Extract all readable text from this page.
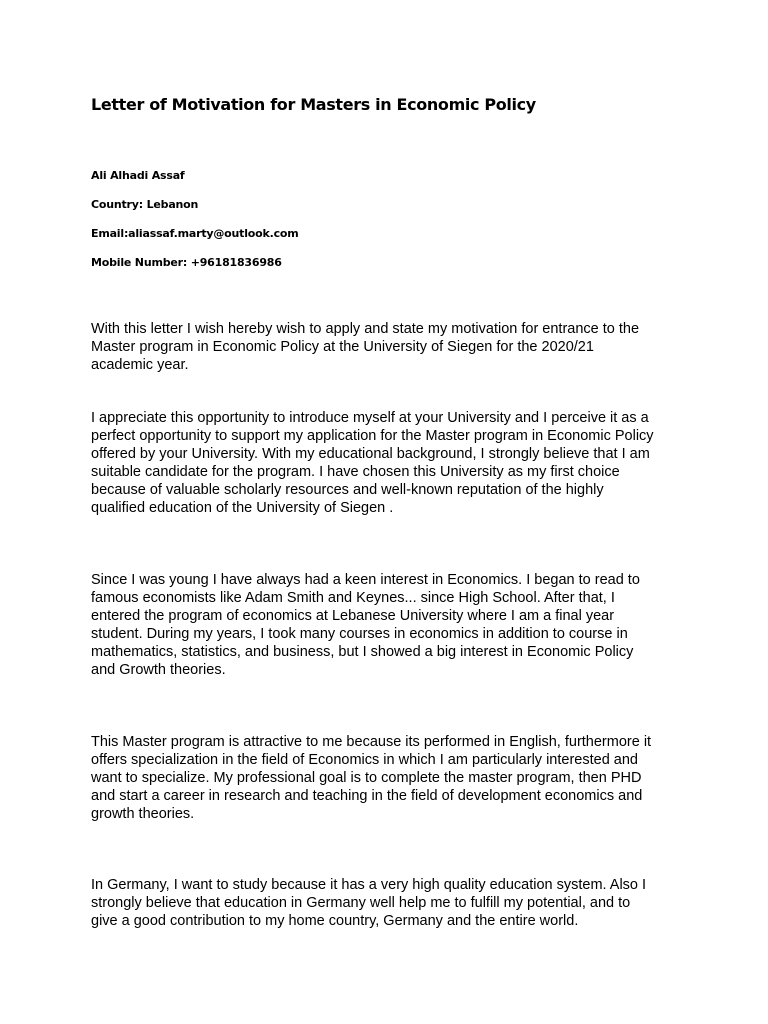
Letter of Motivation for Masters in Economic Policy

Ali Alhadi Assaf

Country: Lebanon

Email:aliassaf.marty@outlook.com

Mobile Number: +96181836986

With this letter I wish hereby wish to apply and state my motivation for entrance to the
Master program in Economic Policy at the University of Siegen for the 2020/21
academic year.
I appreciate this opportunity to introduce myself at your University and I perceive it as a
perfect opportunity to support my application for the Master program in Economic Policy
offered by your University. With my educational background, I strongly believe that I am
suitable candidate for the program. I have chosen this University as my first choice
because of valuable scholarly resources and well-known reputation of the highly
qualified education of the University of Siegen .
Since I was young I have always had a keen interest in Economics. I began to read to
famous economists like Adam Smith and Keynes... since High School. After that, I
entered the program of economics at Lebanese University where I am a final year
student. During my years, I took many courses in economics in addition to course in
mathematics, statistics, and business, but I showed a big interest in Economic Policy
and Growth theories.
This Master program is attractive to me because its performed in English, furthermore it
offers specialization in the field of Economics in which I am particularly interested and
want to specialize. My professional goal is to complete the master program, then PHD
and start a career in research and teaching in the field of development economics and
growth theories.
In Germany, I want to study because it has a very high quality education system. Also I
strongly believe that education in Germany well help me to fulfill my potential, and to
give a good contribution to my home country, Germany and the entire world.
